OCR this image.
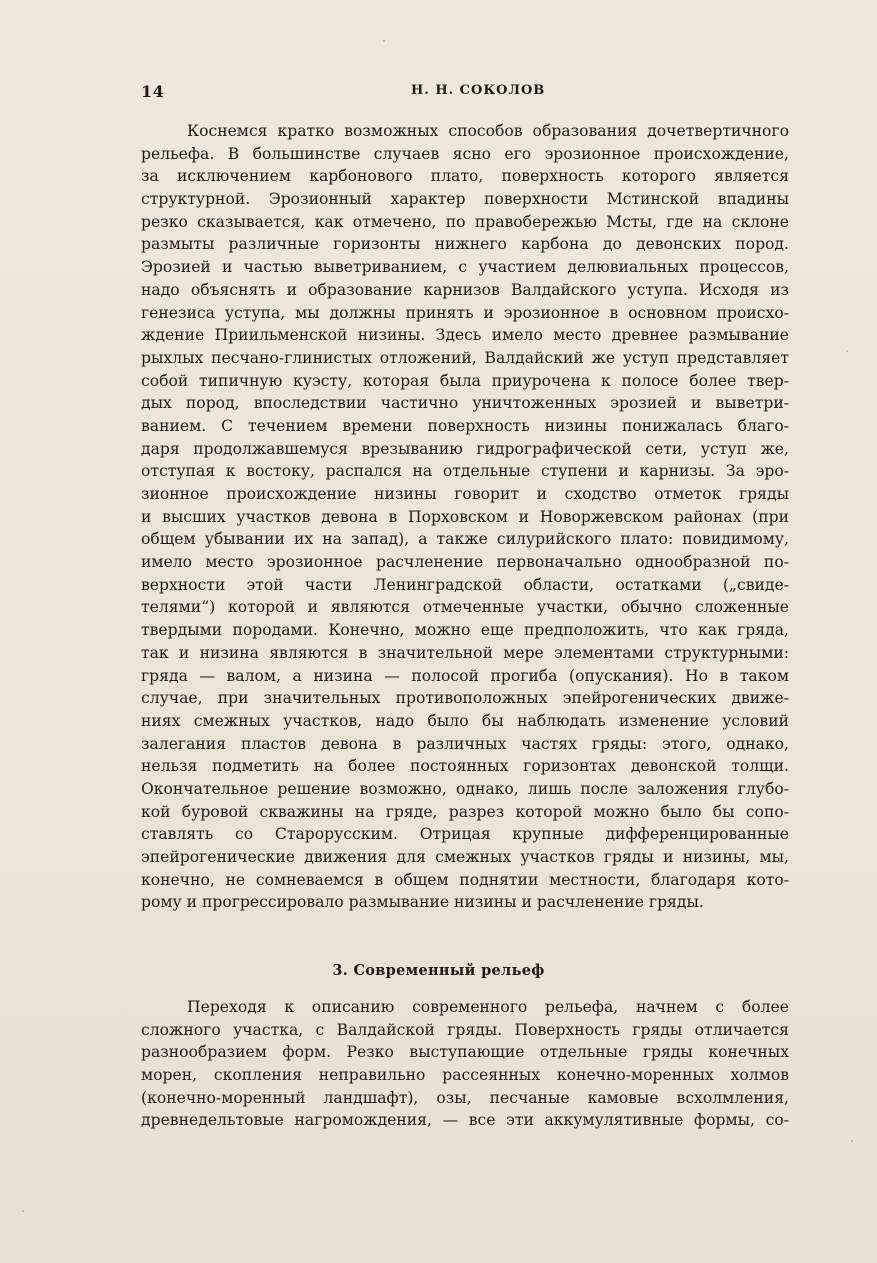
14	Н. Н. СОКОЛОВ
Коснемся кратко возможных способов образования дочетвертичного
рельефа. В большинстве случаев ясно его эрозионное происхождение,
за исключением карбонового плато, поверхность которого является
структурной. Эрозионный характер поверхности Мстинской впадины
резко сказывается, как отмечено, по правобережью Мсты, где на склоне
размыты различные горизонты нижнего карбона до девонских пород.
Эрозией и частью выветриванием, с участием делювиальных процессов,
надо объяснять и образование карнизов Валдайского уступа. Исходя из
генезиса уступа, мы должны принять и эрозионное в основном происхо-
ждение Приильменской низины. Здесь имело место древнее размывание
рыхлых песчано-глинистых отложений, Валдайский же уступ представляет
собой типичную куэсту, которая была приурочена к полосе более твер-
дых пород, впоследствии частично уничтоженных эрозией и выветри-
ванием. С течением времени поверхность низины понижалась благо-
даря продолжавшемуся врезыванию гидрографической сети, уступ же,
отступая к востоку, распался на отдельные ступени и карнизы. За эро-
зионное происхождение низины говорит и сходство отметок гряды
и высших участков девона в Порховском и Новоржевском районах (при
общем убывании их на запад), а также силурийского плато: повидимому,
имело место эрозионное расчленение первоначально однообразной по-
верхности этой части Ленинградской области, остатками („свиде-
телями“) которой и являются отмеченные участки, обычно сложенные
твердыми породами. Конечно, можно еще предположить, что как гряда,
так и низина являются в значительной мере элементами структурными:
гряда — валом, а низина — полосой прогиба (опускания). Но в таком
случае, при значительных противоположных эпейрогенических движе-
ниях смежных участков, надо было бы наблюдать изменение условий
залегания пластов девона в различных частях гряды: этого, однако,
нельзя подметить на более постоянных горизонтах девонской толщи.
Окончательное решение возможно, однако, лишь после заложения глубо-
кой буровой скважины на гряде, разрез которой можно было бы сопо-
ставлять со Старорусским. Отрицая крупные дифференцированные
эпейрогенические движения для смежных участков гряды и низины, мы,
конечно, не сомневаемся в общем поднятии местности, благодаря кото-
рому и прогрессировало размывание низины и расчленение гряды.
3. Современный рельеф
Переходя к описанию современного рельефа, начнем с более
сложного участка, с Валдайской гряды. Поверхность гряды отличается
разнообразием форм. Резко выступающие отдельные гряды конечных
морен, скопления неправильно рассеянных конечно-моренных холмов
(конечно-моренный ландшафт), озы, песчаные камовые всхолмления,
древнедельтовые нагромождения, — все эти аккумулятивные формы, со-
